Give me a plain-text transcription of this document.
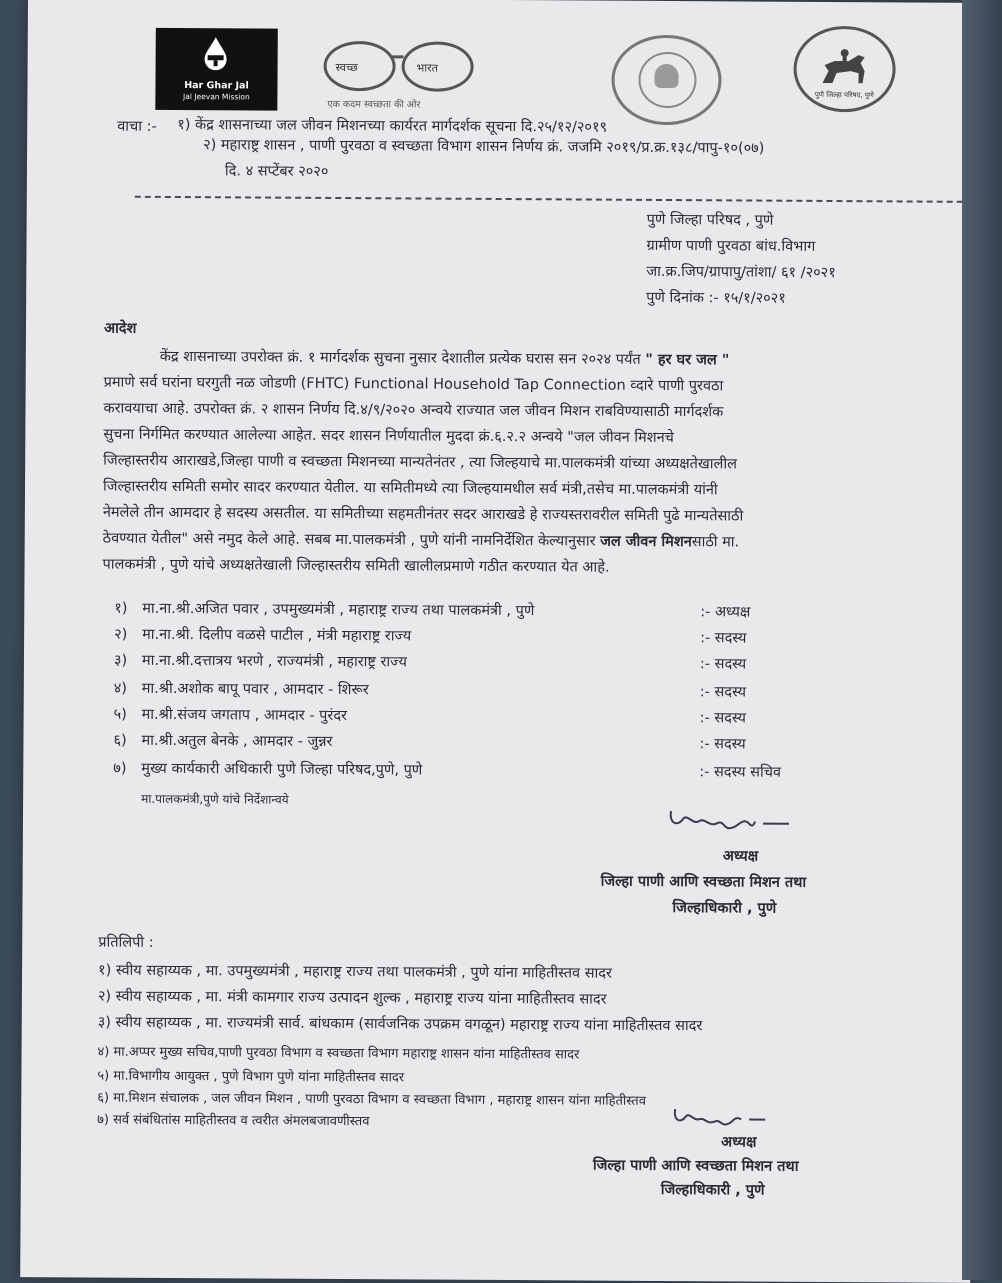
Har Ghar Jal
Jal Jeevan Mission
स्वच्छ	भारत
एक कदम स्वच्छता की ओर
पुणे जिल्हा परिषद, पुणे
वाचा :- १) केंद्र शासनाच्या जल जीवन मिशनच्या कार्यरत मार्गदर्शक सूचना दि.२५/१२/२०१९
२) महाराष्ट्र शासन , पाणी पुरवठा व स्वच्छता विभाग शासन निर्णय क्रं. जजमि २०१९/प्र.क्र.१३८/पापु-१०(०७)
दि. ४ सप्टेंबर २०२०
पुणे जिल्हा परिषद , पुणे
ग्रामीण पाणी पुरवठा बांध.विभाग
जा.क्र.जिप/ग्रापापु/तांशा/ ६१ /२०२१
पुणे दिनांक :- १५/१/२०२१
आदेश
केंद्र शासनाच्या उपरोक्त क्रं. १ मार्गदर्शक सुचना नुसार देशातील प्रत्येक घरास सन २०२४ पर्यंत " हर घर जल "
प्रमाणे सर्व घरांना घरगुती नळ जोडणी (FHTC) Functional Household Tap Connection व्दारे पाणी पुरवठा
करावयाचा आहे. उपरोक्त क्रं. २ शासन निर्णय दि.४/९/२०२० अन्वये राज्यात जल जीवन मिशन राबविण्यासाठी मार्गदर्शक
सुचना निर्गमित करण्यात आलेल्या आहेत. सदर शासन निर्णयातील मुददा क्रं.६.२.२ अन्वये "जल जीवन मिशनचे
जिल्हास्तरीय आराखडे,जिल्हा पाणी व स्वच्छता मिशनच्या मान्यतेनंतर , त्या जिल्हयाचे मा.पालकमंत्री यांच्या अध्यक्षतेखालील
जिल्हास्तरीय समिती समोर सादर करण्यात येतील. या समितीमध्ये त्या जिल्हयामधील सर्व मंत्री,तसेच मा.पालकमंत्री यांनी
नेमलेले तीन आमदार हे सदस्य असतील. या समितीच्या सहमतीनंतर सदर आराखडे हे राज्यस्तरावरील समिती पुढे मान्यतेसाठी
ठेवण्यात येतील" असे नमुद केले आहे. सबब मा.पालकमंत्री , पुणे यांनी नामनिर्देशित केल्यानुसार जल जीवन मिशनसाठी मा.
पालकमंत्री , पुणे यांचे अध्यक्षतेखाली जिल्हास्तरीय समिती खालीलप्रमाणे गठीत करण्यात येत आहे.
१) मा.ना.श्री.अजित पवार , उपमुख्यमंत्री , महाराष्ट्र राज्य तथा पालकमंत्री , पुणे	:- अध्यक्ष
२) मा.ना.श्री. दिलीप वळसे पाटील , मंत्री महाराष्ट्र राज्य	:- सदस्य
३) मा.ना.श्री.दत्तात्रय भरणे , राज्यमंत्री , महाराष्ट्र राज्य	:- सदस्य
४) मा.श्री.अशोक बापू पवार , आमदार - शिरूर	:- सदस्य
५) मा.श्री.संजय जगताप , आमदार - पुरंदर	:- सदस्य
६) मा.श्री.अतुल बेनके , आमदार - जुन्नर	:- सदस्य
७) मुख्य कार्यकारी अधिकारी पुणे जिल्हा परिषद,पुणे, पुणे	:- सदस्य सचिव
मा.पालकमंत्री,पुणे यांचे निर्देशान्वये
अध्यक्ष
जिल्हा पाणी आणि स्वच्छता मिशन तथा
जिल्हाधिकारी , पुणे
प्रतिलिपी :
१) स्वीय सहाय्यक , मा. उपमुख्यमंत्री , महाराष्ट्र राज्य तथा पालकमंत्री , पुणे यांना माहितीस्तव सादर
२) स्वीय सहाय्यक , मा. मंत्री कामगार राज्य उत्पादन शुल्क , महाराष्ट्र राज्य यांना माहितीस्तव सादर
३) स्वीय सहाय्यक , मा. राज्यमंत्री सार्व. बांधकाम (सार्वजनिक उपक्रम वगळून) महाराष्ट्र राज्य यांना माहितीस्तव सादर
४) मा.अप्पर मुख्य सचिव,पाणी पुरवठा विभाग व स्वच्छता विभाग महाराष्ट्र शासन यांना माहितीस्तव सादर
५) मा.विभागीय आयुक्त , पुणे विभाग पुणे यांना माहितीस्तव सादर
६) मा.मिशन संचालक , जल जीवन मिशन , पाणी पुरवठा विभाग व स्वच्छता विभाग , महाराष्ट्र शासन यांना माहितीस्तव
७) सर्व संबंधितांस माहितीस्तव व त्वरीत अंमलबजावणीस्तव
अध्यक्ष
जिल्हा पाणी आणि स्वच्छता मिशन तथा
जिल्हाधिकारी , पुणे
